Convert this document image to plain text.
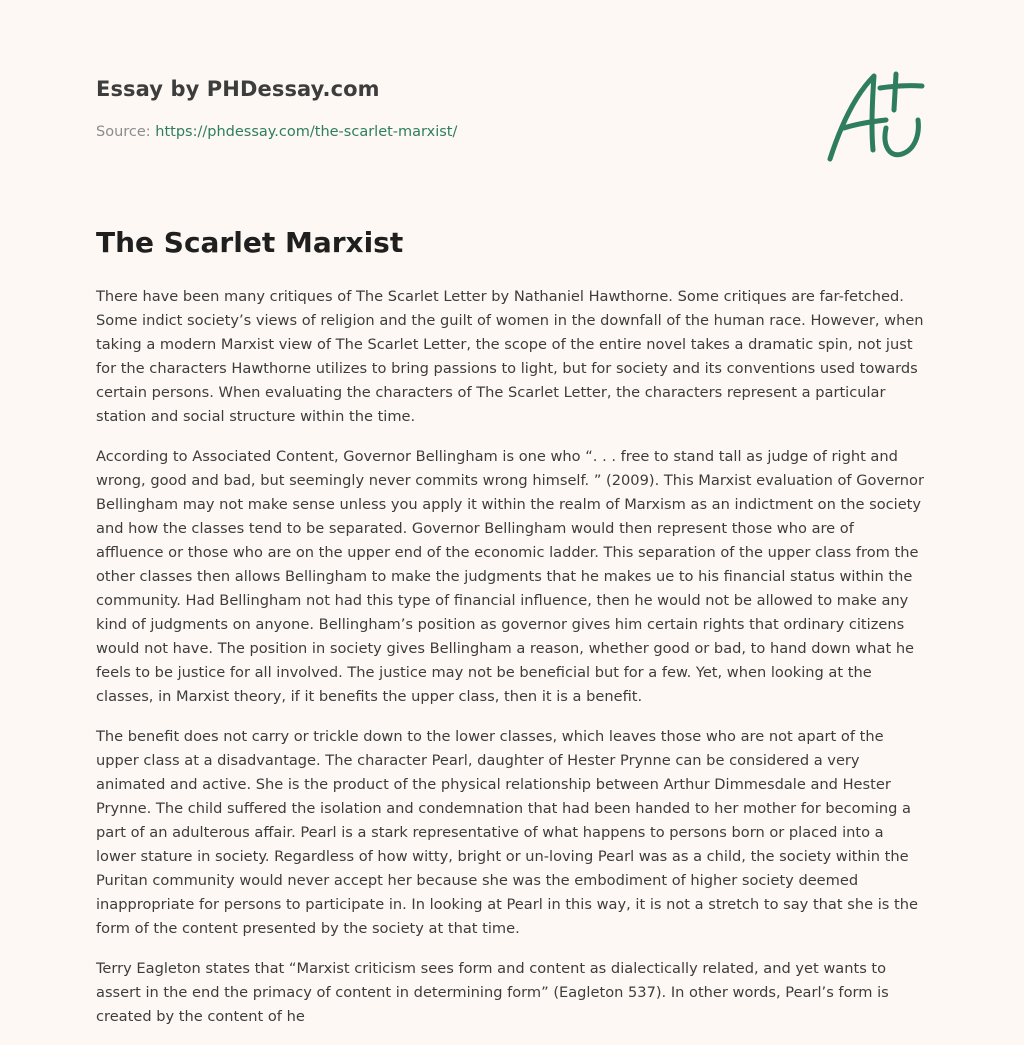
Essay by PHDessay.com
Source: https://phdessay.com/the-scarlet-marxist/
The Scarlet Marxist

There have been many critiques of The Scarlet Letter by Nathaniel Hawthorne. Some critiques are far-fetched. Some indict society’s views of religion and the guilt of women in the downfall of the human race. However, when taking a modern Marxist view of The Scarlet Letter, the scope of the entire novel takes a dramatic spin, not just for the characters Hawthorne utilizes to bring passions to light, but for society and its conventions used towards certain persons. When evaluating the characters of The Scarlet Letter, the characters represent a particular station and social structure within the time.

According to Associated Content, Governor Bellingham is one who “. . . free to stand tall as judge of right and wrong, good and bad, but seemingly never commits wrong himself. ” (2009). This Marxist evaluation of Governor Bellingham may not make sense unless you apply it within the realm of Marxism as an indictment on the society and how the classes tend to be separated. Governor Bellingham would then represent those who are of affluence or those who are on the upper end of the economic ladder. This separation of the upper class from the other classes then allows Bellingham to make the judgments that he makes ue to his financial status within the community. Had Bellingham not had this type of financial influence, then he would not be allowed to make any kind of judgments on anyone. Bellingham’s position as governor gives him certain rights that ordinary citizens would not have. The position in society gives Bellingham a reason, whether good or bad, to hand down what he feels to be justice for all involved. The justice may not be beneficial but for a few. Yet, when looking at the classes, in Marxist theory, if it benefits the upper class, then it is a benefit.

The benefit does not carry or trickle down to the lower classes, which leaves those who are not apart of the upper class at a disadvantage. The character Pearl, daughter of Hester Prynne can be considered a very animated and active. She is the product of the physical relationship between Arthur Dimmesdale and Hester Prynne. The child suffered the isolation and condemnation that had been handed to her mother for becoming a part of an adulterous affair. Pearl is a stark representative of what happens to persons born or placed into a lower stature in society. Regardless of how witty, bright or un-loving Pearl was as a child, the society within the Puritan community would never accept her because she was the embodiment of higher society deemed inappropriate for persons to participate in. In looking at Pearl in this way, it is not a stretch to say that she is the form of the content presented by the society at that time.

Terry Eagleton states that “Marxist criticism sees form and content as dialectically related, and yet wants to assert in the end the primacy of content in determining form” (Eagleton 537). In other words, Pearl’s form is created by the content of he
